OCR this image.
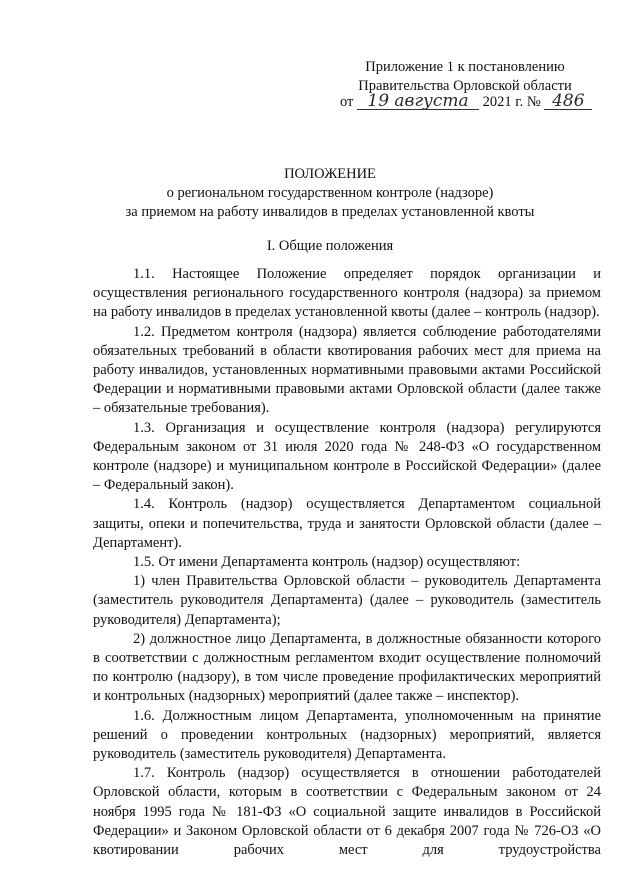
Приложение 1 к постановлению
Правительства Орловской области
от 19 августа 2021 г. № 486
ПОЛОЖЕНИЕ
о региональном государственном контроле (надзоре)
за приемом на работу инвалидов в пределах установленной квоты
I. Общие положения

1.1. Настоящее Положение определяет порядок организации и осуществления регионального государственного контроля (надзора) за приемом на работу инвалидов в пределах установленной квоты (далее – контроль (надзор).

1.2. Предметом контроля (надзора) является соблюдение работодателями обязательных требований в области квотирования рабочих мест для приема на работу инвалидов, установленных нормативными правовыми актами Российской Федерации и нормативными правовыми актами Орловской области (далее также – обязательные требования).

1.3. Организация и осуществление контроля (надзора) регулируются Федеральным законом от 31 июля 2020 года № 248-ФЗ «О государственном контроле (надзоре) и муниципальном контроле в Российской Федерации» (далее – Федеральный закон).

1.4. Контроль (надзор) осуществляется Департаментом социальной защиты, опеки и попечительства, труда и занятости Орловской области (далее – Департамент).

1.5. От имени Департамента контроль (надзор) осуществляют:

1) член Правительства Орловской области – руководитель Департамента (заместитель руководителя Департамента) (далее – руководитель (заместитель руководителя) Департамента);

2) должностное лицо Департамента, в должностные обязанности которого в соответствии с должностным регламентом входит осуществление полномочий по контролю (надзору), в том числе проведение профилактических мероприятий и контрольных (надзорных) мероприятий (далее также – инспектор).

1.6. Должностным лицом Департамента, уполномоченным на принятие решений о проведении контрольных (надзорных) мероприятий, является руководитель (заместитель руководителя) Департамента.

1.7. Контроль (надзор) осуществляется в отношении работодателей Орловской области, которым в соответствии с Федеральным законом от 24 ноября 1995 года № 181-ФЗ «О социальной защите инвалидов в Российской Федерации» и Законом Орловской области от 6 декабря 2007 года № 726-ОЗ «О квотировании рабочих мест для трудоустройства
